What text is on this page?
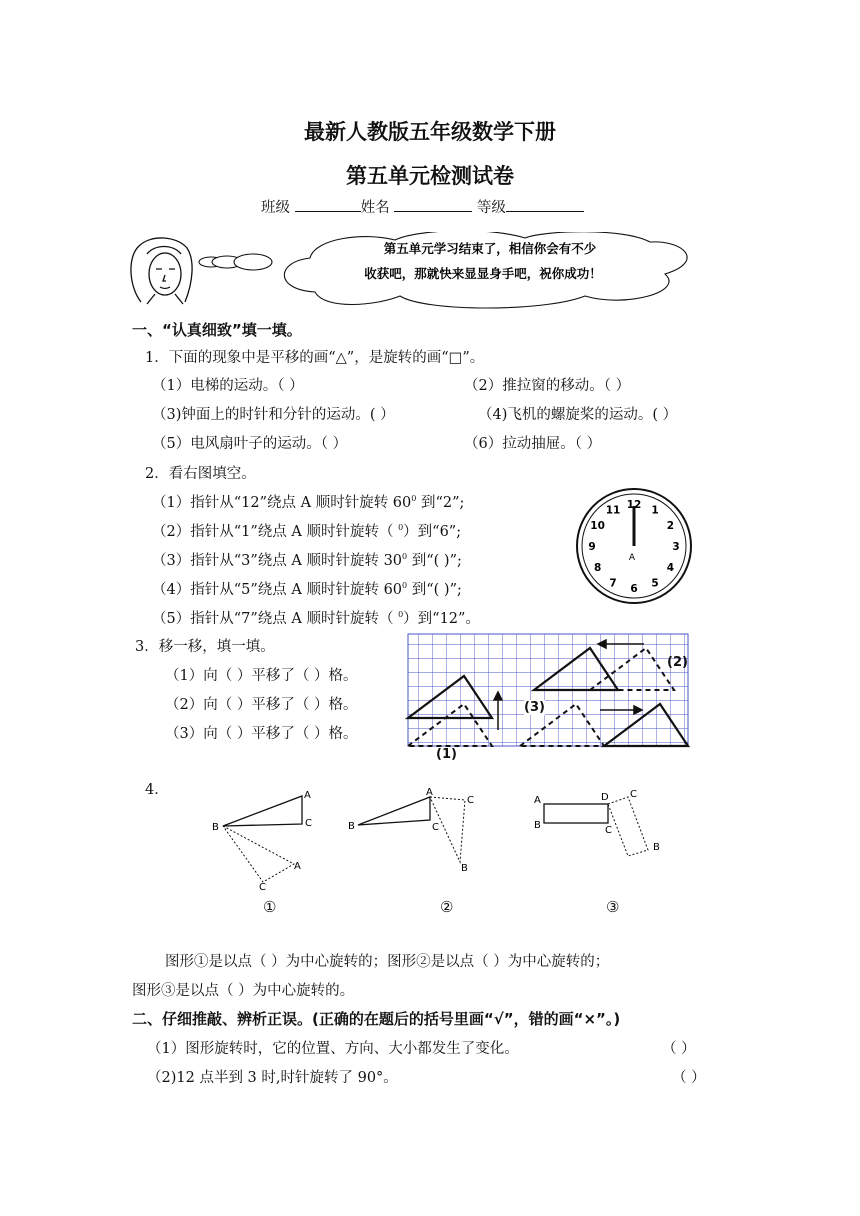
最新人教版五年级数学下册
第五单元检测试卷
班级	姓名	等级
第五单元学习结束了，相信你会有不少
收获吧，那就快来显显身手吧，祝你成功！
一、“认真细致”填一填。
1．下面的现象中是平移的画“△”，是旋转的画“□”。
（1）电梯的运动。（ ）	（2）推拉窗的移动。（ ）
（3)钟面上的时针和分针的运动。( ）	（4)飞机的螺旋桨的运动。( ）
（5）电风扇叶子的运动。（ ）	（6）拉动抽屉。（ ）
2．看右图填空。
（1）指针从“12”绕点 A 顺时针旋转 $60^0$ 到“2”;
（2）指针从“1”绕点 A 顺时针旋转（ $^0$）到“6”;
（3）指针从“3”绕点 A 顺时针旋转 $30^0$ 到“( )”;
（4）指针从“5”绕点 A 顺时针旋转 $60^0$ 到“( )”;
（5）指针从“7”绕点 A 顺时针旋转（ $^0$）到“12”。
12 1
2
3
4
5
6
7
8
9
10
11
A
3．移一移，填一填。
（1）向（ ）平移了（ ）格。
（2）向（ ）平移了（ ）格。
（3）向（ ）平移了（ ）格。
(1)
(2)
(3)
4．
B
A
C
A
C
B
A
C
C
B
A
B
D
C
C
B
①	②	③
图形①是以点（ ）为中心旋转的；图形②是以点（ ）为中心旋转的；
图形③是以点（ ）为中心旋转的。
二、仔细推敲、辨析正误。(正确的在题后的括号里画“√”，错的画“×”。)
（1）图形旋转时，它的位置、方向、大小都发生了变化。	（ ）
（2)12 点半到 3 时,时针旋转了 90°。	（ ）
